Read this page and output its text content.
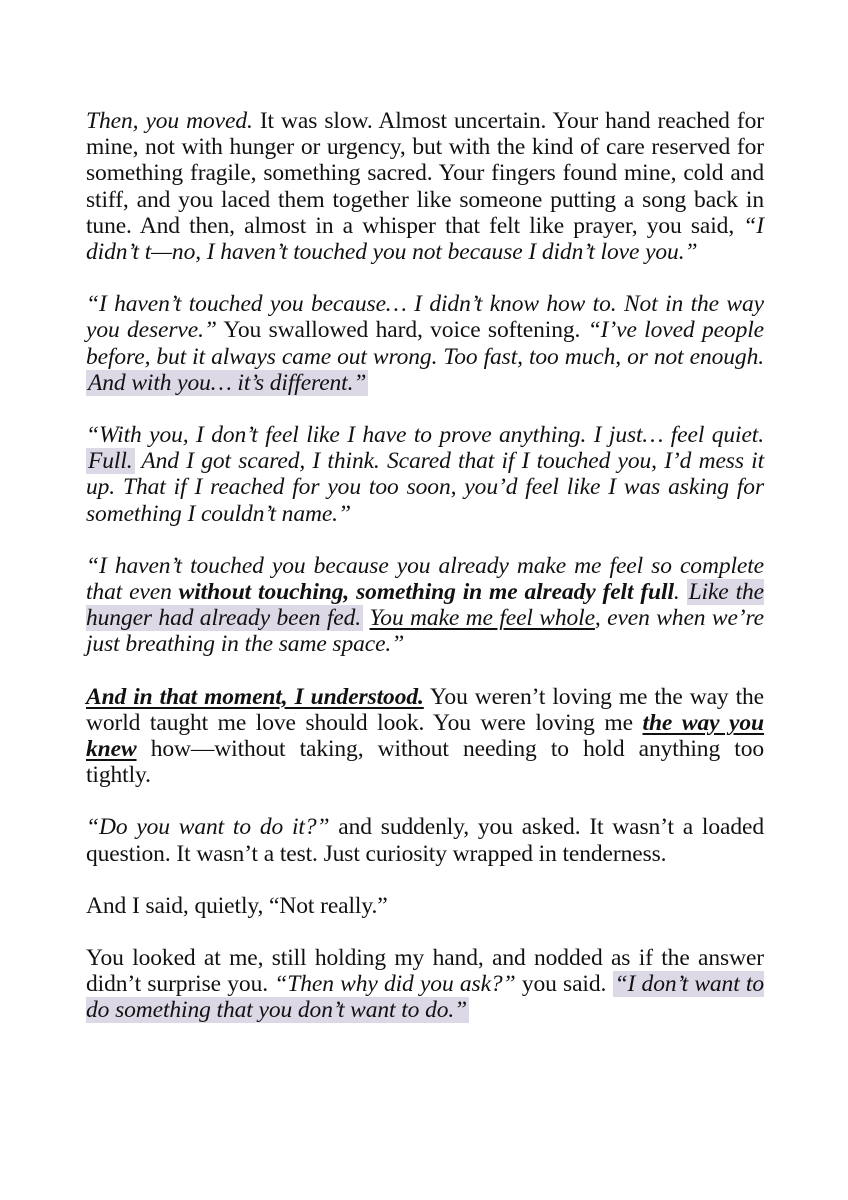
Then, you moved. It was slow. Almost uncertain. Your hand reached for mine, not with hunger or urgency, but with the kind of care reserved for something fragile, something sacred. Your fingers found mine, cold and stiff, and you laced them together like someone putting a song back in tune. And then, almost in a whisper that felt like prayer, you said, “I didn’t t—no, I haven’t touched you not because I didn’t love you.”

“I haven’t touched you because… I didn’t know how to. Not in the way you deserve.” You swallowed hard, voice softening. “I’ve loved people before, but it always came out wrong. Too fast, too much, or not enough. And with you… it’s different.”

“With you, I don’t feel like I have to prove anything. I just… feel quiet. Full. And I got scared, I think. Scared that if I touched you, I’d mess it up. That if I reached for you too soon, you’d feel like I was asking for something I couldn’t name.”

“I haven’t touched you because you already make me feel so complete that even without touching, something in me already felt full. Like the hunger had already been fed. You make me feel whole, even when we’re just breathing in the same space.”

And in that moment, I understood. You weren’t loving me the way the world taught me love should look. You were loving me the way you knew how—without taking, without needing to hold anything too tightly.

“Do you want to do it?” and suddenly, you asked. It wasn’t a loaded question. It wasn’t a test. Just curiosity wrapped in tenderness.

And I said, quietly, “Not really.”

You looked at me, still holding my hand, and nodded as if the answer didn’t surprise you. “Then why did you ask?” you said. “I don’t want to do something that you don’t want to do.”
